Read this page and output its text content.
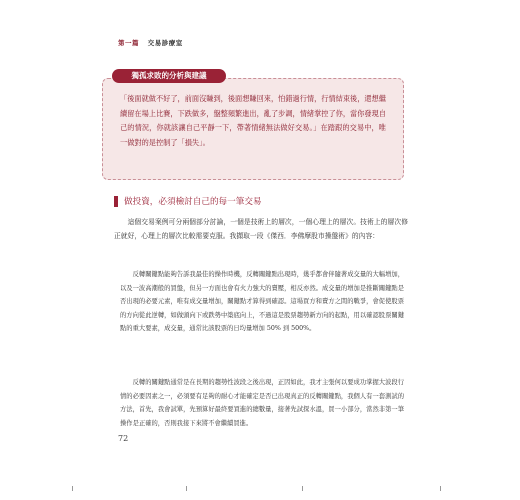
第一篇 交易診療室
獨孤求敗的分析與建議

「後面就做不好了，前面沒賺到，後面想賺回來，怕錯過行情，行情結束後，還想繼續留在場上比賽，下跌做多，盤整頻繁進出，亂了步調，情緒掌控了你，當你發現自己的情況，你就該讓自己平靜一下，帶著情緒無法做好交易。」在踏跟的交易中，唯一做對的是控制了「損失」。

做投資，必須檢討自己的每一筆交易

這個交易案例可分兩個部分討論，一個是技術上的層次，一個心理上的層次。技術上的層次修正就好，心理上的層次比較需要克服。我擷取一段《傑西．李佛摩股市操盤術》的內容：

反轉關鍵點能夠告訴我最佳的操作時機，反轉關鍵點出現時，幾乎都會伴隨著成交量的大幅增加，以及一波高潮般的買盤，但另一方面也會有火力強大的賣壓，相反亦然。成交量的增加是推斷關鍵點是否出現的必要元素，唯有成交量增加，關鍵點才算得到確認。這場買方和賣方之間的戰爭，會促使股票的方向從此逆轉，如做頭向下或跌勢中築底向上，不過這是股票趨勢新方向的起點，用以確認股票關鍵點的重大要素，成交量，通常比該股票的日均量增加 50% 到 500%。

反轉的關鍵點通常是在長期的趨勢性波段之後出現，正因如此，我才主張何以要成功掌握大波段行情的必要因素之一，必須要有足夠的耐心才能確定是否已出現真正的反轉關鍵點，我個人有一套測試的方法，首先，我會試單，先預算好最終要買進的總數量，接著先試探水溫，買一小部分，當然非第一筆操作是正確的，否則我接下來將不會繼續買進。

72
